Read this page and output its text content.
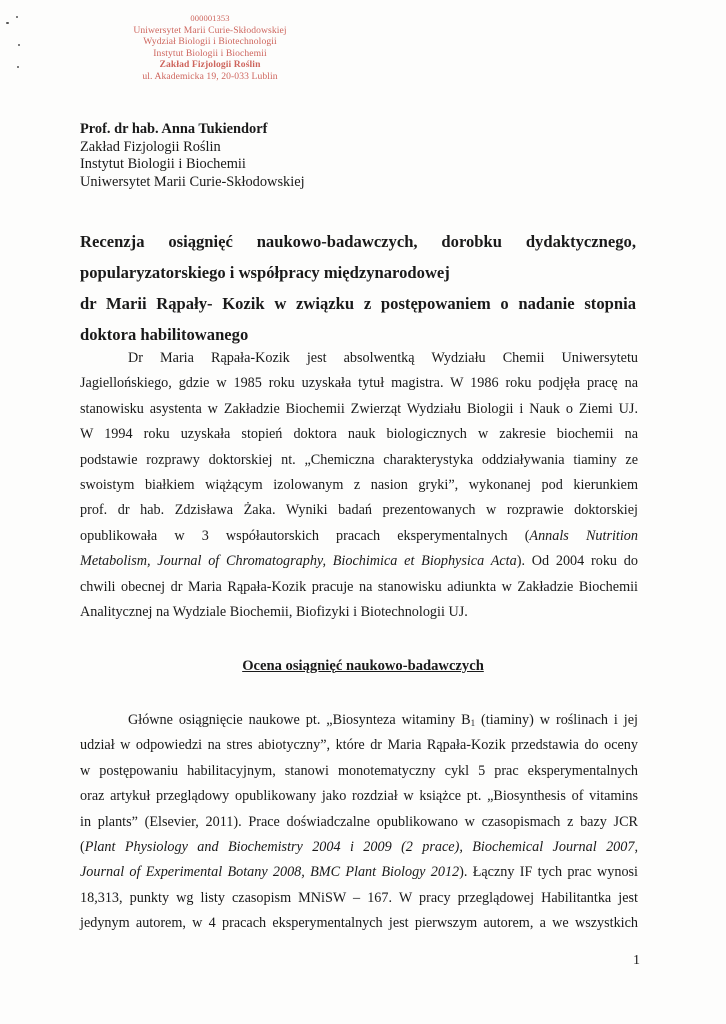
000001353
Uniwersytet Marii Curie-Skłodowskiej
Wydział Biologii i Biotechnologii
Instytut Biologii i Biochemii
Zakład Fizjologii Roślin
ul. Akademicka 19, 20-033 Lublin
Prof. dr hab. Anna Tukiendorf
Zakład Fizjologii Roślin
Instytut Biologii i Biochemii
Uniwersytet Marii Curie-Skłodowskiej
Recenzja osiągnięć naukowo-badawczych, dorobku dydaktycznego,
popularyzatorskiego i współpracy międzynarodowej
dr Marii Rąpały- Kozik w związku z postępowaniem o nadanie stopnia
doktora habilitowanego
Dr Maria Rąpała-Kozik jest absolwentką Wydziału Chemii Uniwersytetu
Jagiellońskiego, gdzie w 1985 roku uzyskała tytuł magistra. W 1986 roku podjęła pracę na
stanowisku asystenta w Zakładzie Biochemii Zwierząt Wydziału Biologii i Nauk o Ziemi UJ.
W 1994 roku uzyskała stopień doktora nauk biologicznych w zakresie biochemii na
podstawie rozprawy doktorskiej nt. „Chemiczna charakterystyka oddziaływania tiaminy ze
swoistym białkiem wiążącym izolowanym z nasion gryki”, wykonanej pod kierunkiem
prof. dr hab. Zdzisława Żaka. Wyniki badań prezentowanych w rozprawie doktorskiej
opublikowała w 3 współautorskich pracach eksperymentalnych (Annals Nutrition
Metabolism, Journal of Chromatography, Biochimica et Biophysica Acta). Od 2004 roku do
chwili obecnej dr Maria Rąpała-Kozik pracuje na stanowisku adiunkta w Zakładzie Biochemii
Analitycznej na Wydziale Biochemii, Biofizyki i Biotechnologii UJ.
Ocena osiągnięć naukowo-badawczych
Główne osiągnięcie naukowe pt. „Biosynteza witaminy $B_1$ (tiaminy) w roślinach i jej
udział w odpowiedzi na stres abiotyczny”, które dr Maria Rąpała-Kozik przedstawia do oceny
w postępowaniu habilitacyjnym, stanowi monotematyczny cykl 5 prac eksperymentalnych
oraz artykuł przeglądowy opublikowany jako rozdział w książce pt. „Biosynthesis of vitamins
in plants” (Elsevier, 2011). Prace doświadczalne opublikowano w czasopismach z bazy JCR
(Plant Physiology and Biochemistry 2004 i 2009 (2 prace), Biochemical Journal 2007,
Journal of Experimental Botany 2008, BMC Plant Biology 2012). Łączny IF tych prac wynosi
18,313, punkty wg listy czasopism MNiSW – 167. W pracy przeglądowej Habilitantka jest
jedynym autorem, w 4 pracach eksperymentalnych jest pierwszym autorem, a we wszystkich
1
